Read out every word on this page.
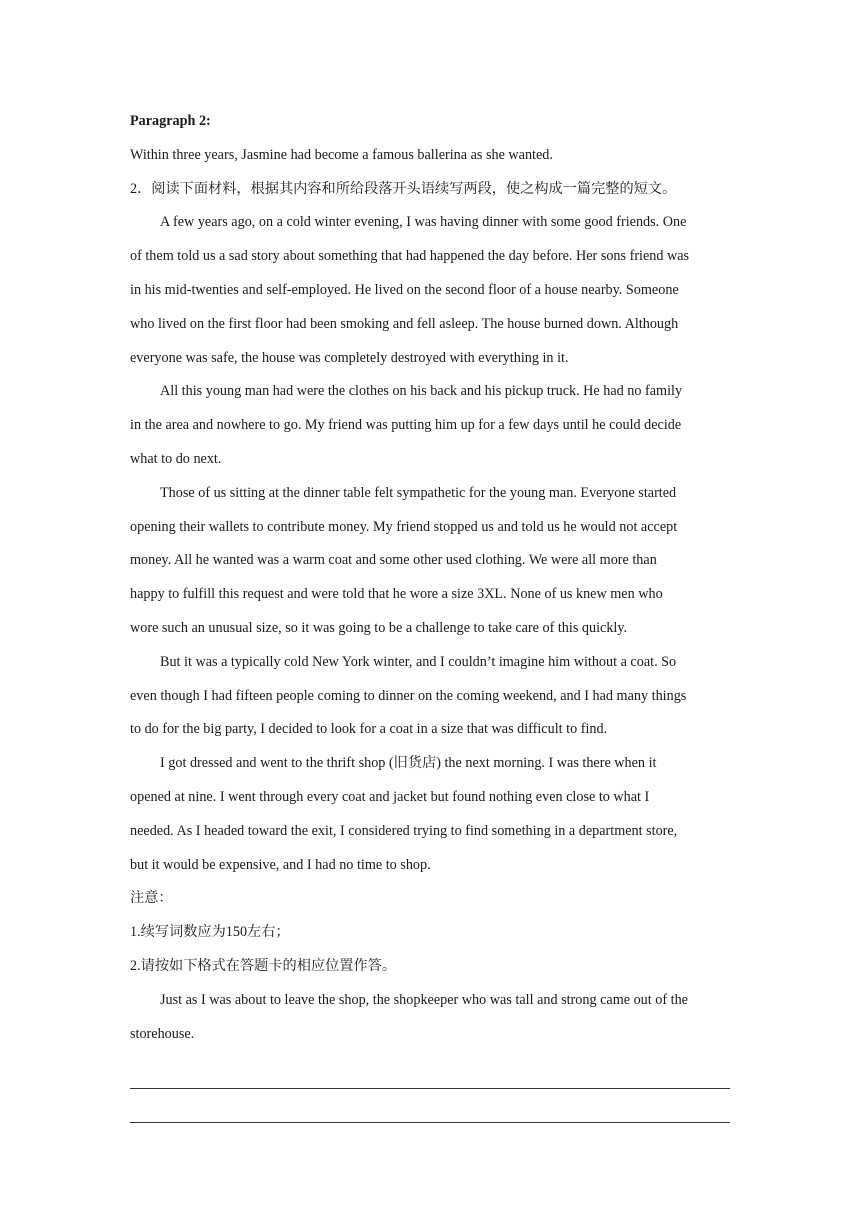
Paragraph 2:
Within three years, Jasmine had become a famous ballerina as she wanted.
2．阅读下面材料，根据其内容和所给段落开头语续写两段，使之构成一篇完整的短文。
A few years ago, on a cold winter evening, I was having dinner with some good friends. One
of them told us a sad story about something that had happened the day before. Her sons friend was
in his mid-twenties and self-employed. He lived on the second floor of a house nearby. Someone
who lived on the first floor had been smoking and fell asleep. The house burned down. Although
everyone was safe, the house was completely destroyed with everything in it.
All this young man had were the clothes on his back and his pickup truck. He had no family
in the area and nowhere to go. My friend was putting him up for a few days until he could decide
what to do next.
Those of us sitting at the dinner table felt sympathetic for the young man. Everyone started
opening their wallets to contribute money. My friend stopped us and told us he would not accept
money. All he wanted was a warm coat and some other used clothing. We were all more than
happy to fulfill this request and were told that he wore a size 3XL. None of us knew men who
wore such an unusual size, so it was going to be a challenge to take care of this quickly.
But it was a typically cold New York winter, and I couldn’t imagine him without a coat. So
even though I had fifteen people coming to dinner on the coming weekend, and I had many things
to do for the big party, I decided to look for a coat in a size that was difficult to find.
I got dressed and went to the thrift shop (旧货店) the next morning. I was there when it
opened at nine. I went through every coat and jacket but found nothing even close to what I
needed. As I headed toward the exit, I considered trying to find something in a department store,
but it would be expensive, and I had no time to shop.
注意：
1.续写词数应为150左右；
2.请按如下格式在答题卡的相应位置作答。
Just as I was about to leave the shop, the shopkeeper who was tall and strong came out of the
storehouse.
